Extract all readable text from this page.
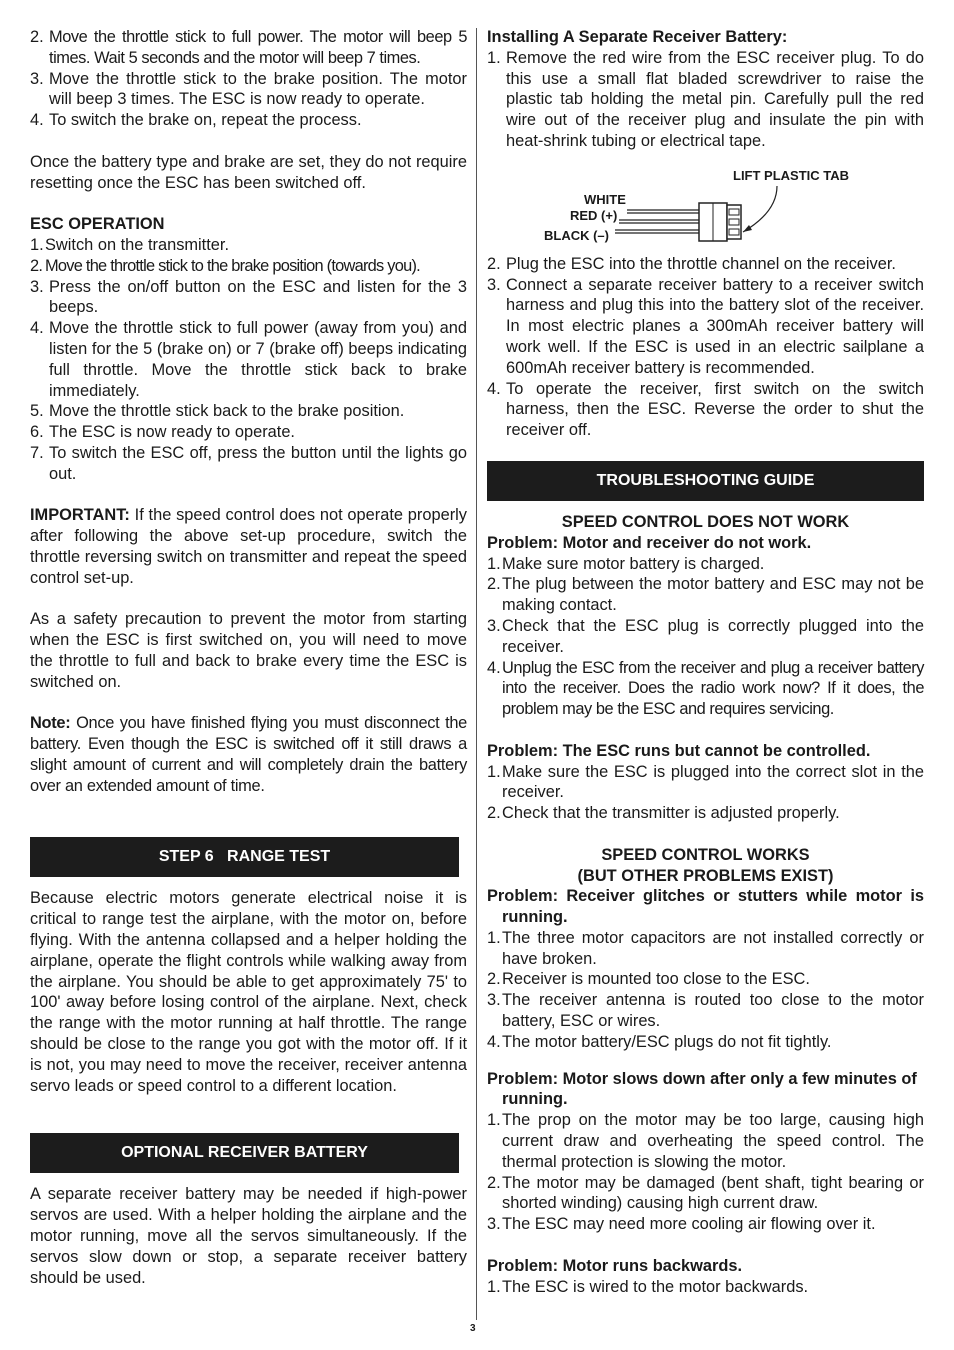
2. Move the throttle stick to full power. The motor will beep 5 times. Wait 5 seconds and the motor will beep 7 times.
3. Move the throttle stick to the brake position. The motor will beep 3 times. The ESC is now ready to operate.
4. To switch the brake on, repeat the process.

Once the battery type and brake are set, they do not require resetting once the ESC has been switched off.

ESC OPERATION

1. Switch on the transmitter.
2. Move the throttle stick to the brake position (towards you).
3. Press the on/off button on the ESC and listen for the 3 beeps.
4. Move the throttle stick to full power (away from you) and listen for the 5 (brake on) or 7 (brake off) beeps indicating full throttle. Move the throttle stick back to brake immediately.
5. Move the throttle stick back to the brake position.
6. The ESC is now ready to operate.
7. To switch the ESC off, press the button until the lights go out.

IMPORTANT: If the speed control does not operate properly after following the above set-up procedure, switch the throttle reversing switch on transmitter and repeat the speed control set-up.

As a safety precaution to prevent the motor from starting when the ESC is first switched on, you will need to move the throttle to full and back to brake every time the ESC is switched on.

Note: Once you have finished flying you must disconnect the battery. Even though the ESC is switched off it still draws a slight amount of current and will completely drain the battery over an extended amount of time.

STEP 6   RANGE TEST

Because electric motors generate electrical noise it is critical to range test the airplane, with the motor on, before flying. With the antenna collapsed and a helper holding the airplane, operate the flight controls while walking away from the airplane. You should be able to get approximately 75' to 100' away before losing control of the airplane. Next, check the range with the motor running at half throttle. The range should be close to the range you got with the motor off. If it is not, you may need to move the receiver, receiver antenna servo leads or speed control to a different location.

OPTIONAL RECEIVER BATTERY

A separate receiver battery may be needed if high-power servos are used. With a helper holding the airplane and the motor running, move all the servos simultaneously. If the servos slow down or stop, a separate receiver battery should be used.

Installing A Separate Receiver Battery:

1. Remove the red wire from the ESC receiver plug. To do this use a small flat bladed screwdriver to raise the plastic tab holding the metal pin. Carefully pull the red wire out of the receiver plug and insulate the pin with heat-shrink tubing or electrical tape.
LIFT PLASTIC TAB
WHITE
RED (+)
BLACK (–)
2. Plug the ESC into the throttle channel on the receiver.
3. Connect a separate receiver battery to a receiver switch harness and plug this into the battery slot of the receiver. In most electric planes a 300mAh receiver battery will work well. If the ESC is used in an electric sailplane a 600mAh receiver battery is recommended.
4. To operate the receiver, first switch on the switch harness, then the ESC. Reverse the order to shut the receiver off.
TROUBLESHOOTING GUIDE

SPEED CONTROL DOES NOT WORK

Problem: Motor and receiver do not work.

1. Make sure motor battery is charged.
2. The plug between the motor battery and ESC may not be making contact.
3. Check that the ESC plug is correctly plugged into the receiver.
4. Unplug the ESC from the receiver and plug a receiver battery into the receiver. Does the radio work now? If it does, the problem may be the ESC and requires servicing.

Problem: The ESC runs but cannot be controlled.

1. Make sure the ESC is plugged into the correct slot in the receiver.
2. Check that the transmitter is adjusted properly.

SPEED CONTROL WORKS

(BUT OTHER PROBLEMS EXIST)

Problem: Receiver glitches or stutters while motor is running.
1. The three motor capacitors are not installed correctly or have broken.
2. Receiver is mounted too close to the ESC.
3. The receiver antenna is routed too close to the motor battery, ESC or wires.
4. The motor battery/ESC plugs do not fit tightly.
Problem: Motor slows down after only a few minutes of running.
1. The prop on the motor may be too large, causing high current draw and overheating the speed control. The thermal protection is slowing the motor.
2. The motor may be damaged (bent shaft, tight bearing or shorted winding) causing high current draw.
3. The ESC may need more cooling air flowing over it.

Problem: Motor runs backwards.

1. The ESC is wired to the motor backwards.
3
